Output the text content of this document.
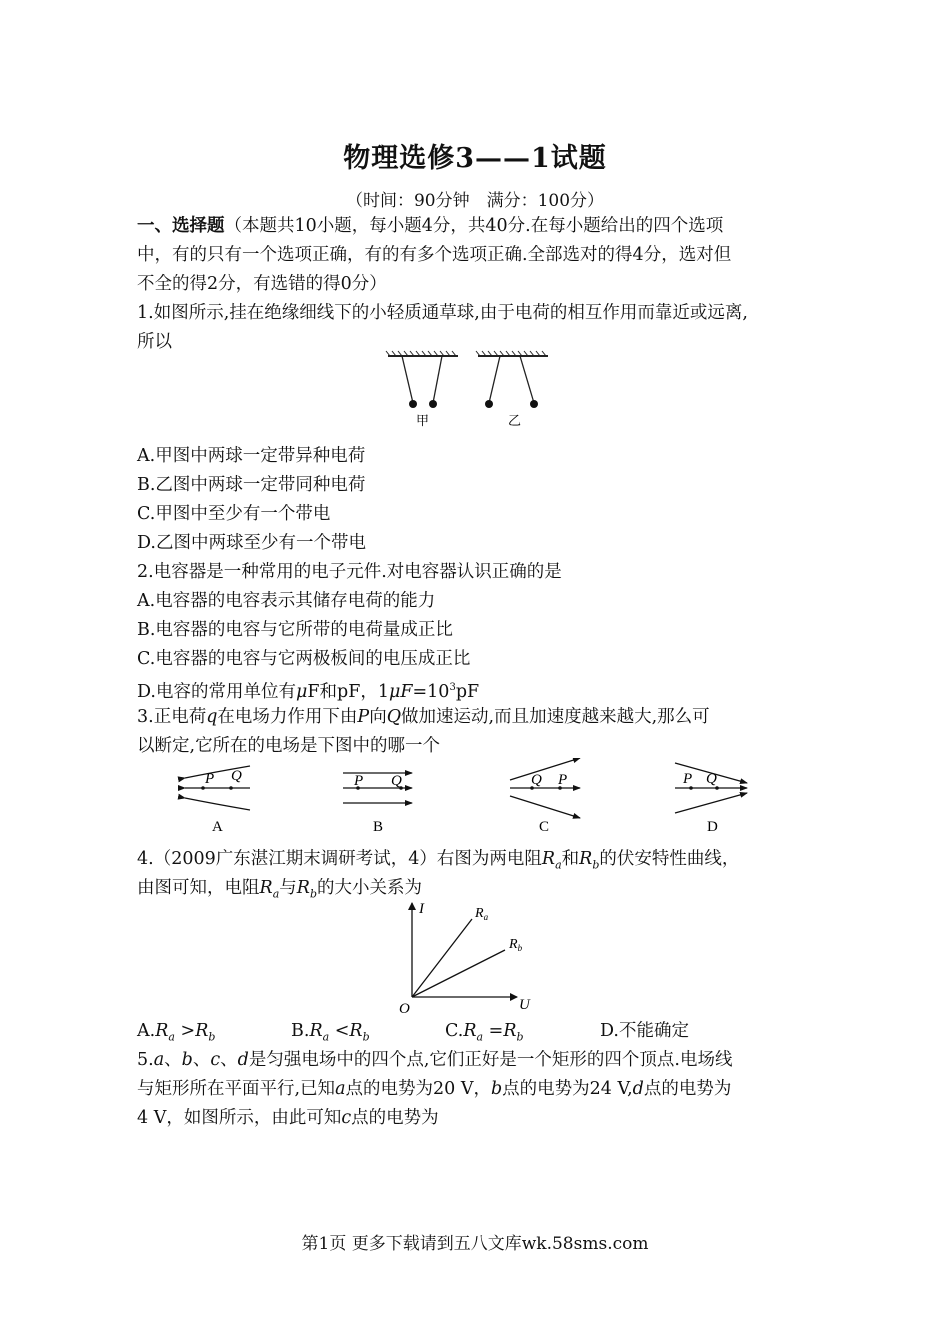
物理选修3——1试题
（时间：90分钟　满分：100分）
一、选择题（本题共10小题，每小题4分，共40分.在每小题给出的四个选项
中，有的只有一个选项正确，有的有多个选项正确.全部选对的得4分，选对但
不全的得2分，有选错的得0分）
1.如图所示,挂在绝缘细线下的小轻质通草球,由于电荷的相互作用而靠近或远离,
所以
甲	乙
A.甲图中两球一定带异种电荷
B.乙图中两球一定带同种电荷
C.甲图中至少有一个带电
D.乙图中两球至少有一个带电
2.电容器是一种常用的电子元件.对电容器认识正确的是
A.电容器的电容表示其储存电荷的能力
B.电容器的电容与它所带的电荷量成正比
C.电容器的电容与它两极板间的电压成正比
D.电容的常用单位有μF和pF，$1\mu F=10^3pF$
3.正电荷q在电场力作用下由P向Q做加速运动,而且加速度越来越大,那么可
以断定,它所在的电场是下图中的哪一个
P Q
A
P Q
B
Q P
C
P Q
D
4.（2009广东湛江期末调研考试，4）右图为两电阻$R_a$和$R_b$的伏安特性曲线，
由图可知，电阻$R_a$与$R_b$的大小关系为
I
U
O
$R_a$
$R_b$
$A.R_a >R_b$	$B.R_a <R_b$	$C.R_a =R_b$	D.不能确定
5.a、b、c、d是匀强电场中的四个点,它们正好是一个矩形的四个顶点.电场线
与矩形所在平面平行,已知a点的电势为20 V，b点的电势为24 V,d点的电势为
4 V，如图所示，由此可知c点的电势为
第1页 更多下载请到五八文库wk.58sms.com
